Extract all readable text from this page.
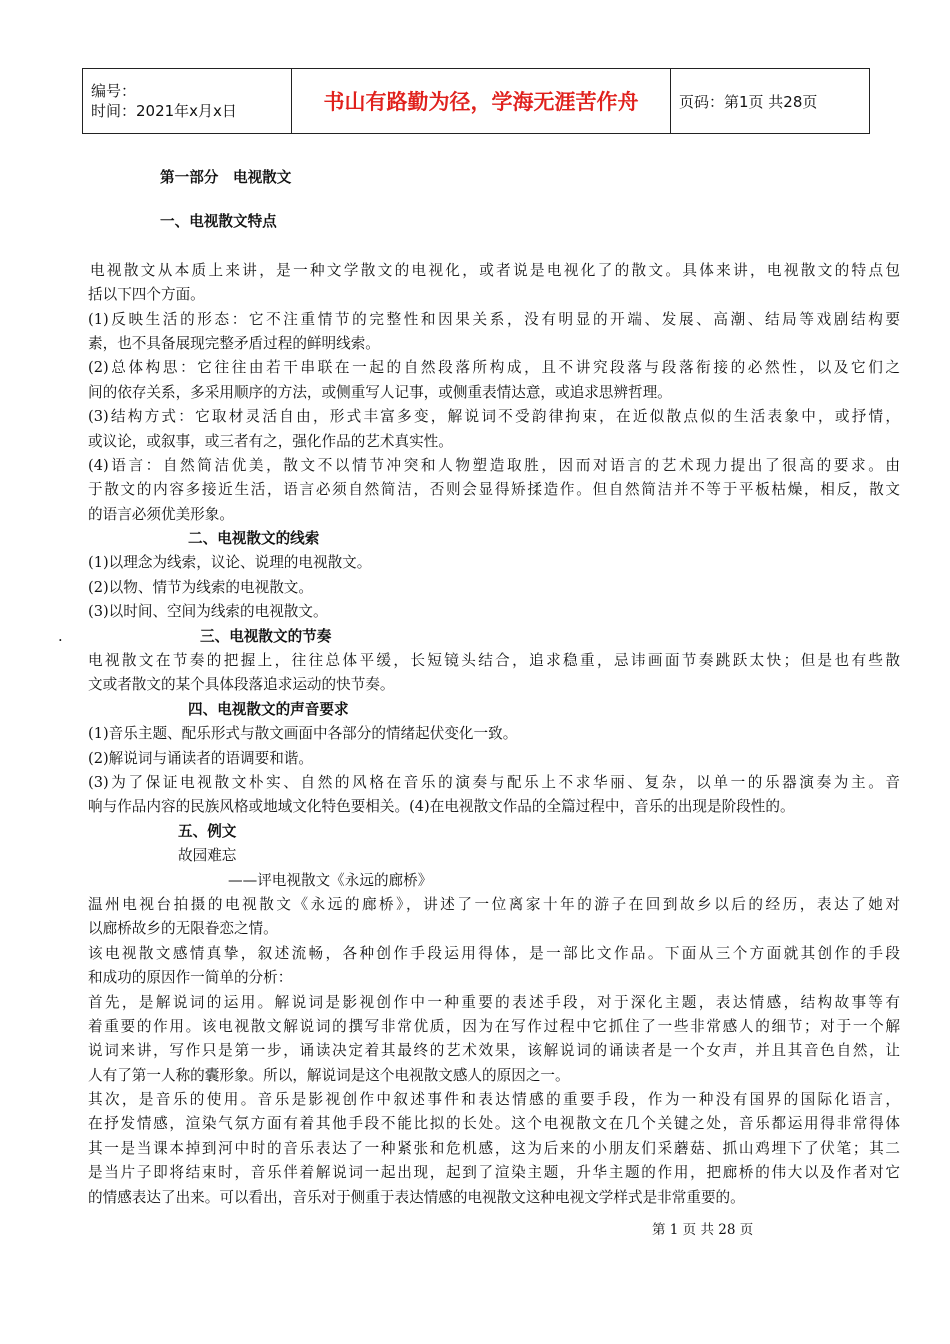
编号：
时间：2021年x月x日	书山有路勤为径，学海无涯苦作舟	页码：第1页 共28页
第一部分　电视散文
一、电视散文特点
电视散文从本质上来讲，是一种文学散文的电视化，或者说是电视化了的散文。具体来讲，电视散文的特点包
括以下四个方面。
(1)反映生活的形态：它不注重情节的完整性和因果关系，没有明显的开端、发展、高潮、结局等戏剧结构要
素，也不具备展现完整矛盾过程的鲜明线索。
(2)总体构思：它往往由若干串联在一起的自然段落所构成，且不讲究段落与段落衔接的必然性，以及它们之
间的依存关系，多采用顺序的方法，或侧重写人记事，或侧重表情达意，或追求思辨哲理。
(3)结构方式：它取材灵活自由，形式丰富多变，解说词不受韵律拘束，在近似散点似的生活表象中，或抒情，
或议论，或叙事，或三者有之，强化作品的艺术真实性。
(4)语言：自然简洁优美，散文不以情节冲突和人物塑造取胜，因而对语言的艺术现力提出了很高的要求。由
于散文的内容多接近生活，语言必须自然简洁，否则会显得矫揉造作。但自然简洁并不等于平板枯燥，相反，散文
的语言必须优美形象。
二、电视散文的线索
(1)以理念为线索，议论、说理的电视散文。
(2)以物、情节为线索的电视散文。
(3)以时间、空间为线索的电视散文。
.	三、电视散文的节奏
电视散文在节奏的把握上，往往总体平缓，长短镜头结合，追求稳重，忌讳画面节奏跳跃太快；但是也有些散
文或者散文的某个具体段落追求运动的快节奏。
四、电视散文的声音要求
(1)音乐主题、配乐形式与散文画面中各部分的情绪起伏变化一致。
(2)解说词与诵读者的语调要和谐。
(3)为了保证电视散文朴实、自然的风格在音乐的演奏与配乐上不求华丽、复杂，以单一的乐器演奏为主。音
响与作品内容的民族风格或地域文化特色要相关。(4)在电视散文作品的全篇过程中，音乐的出现是阶段性的。
五、例文
故园难忘
——评电视散文《永远的廊桥》
温州电视台拍摄的电视散文《永远的廊桥》，讲述了一位离家十年的游子在回到故乡以后的经历，表达了她对
以廊桥故乡的无限眷恋之情。
该电视散文感情真挚，叙述流畅，各种创作手段运用得体，是一部比文作品。下面从三个方面就其创作的手段
和成功的原因作一简单的分析：
首先，是解说词的运用。解说词是影视创作中一种重要的表述手段，对于深化主题，表达情感，结构故事等有
着重要的作用。该电视散文解说词的撰写非常优质，因为在写作过程中它抓住了一些非常感人的细节；对于一个解
说词来讲，写作只是第一步，诵读决定着其最终的艺术效果，该解说词的诵读者是一个女声，并且其音色自然，让
人有了第一人称的囊形象。所以，解说词是这个电视散文感人的原因之一。
其次，是音乐的使用。音乐是影视创作中叙述事件和表达情感的重要手段，作为一种没有国界的国际化语言，
在抒发情感，渲染气氛方面有着其他手段不能比拟的长处。这个电视散文在几个关键之处，音乐都运用得非常得体
其一是当课本掉到河中时的音乐表达了一种紧张和危机感，这为后来的小朋友们采蘑菇、抓山鸡埋下了伏笔；其二
是当片子即将结束时，音乐伴着解说词一起出现，起到了渲染主题，升华主题的作用，把廊桥的伟大以及作者对它
的情感表达了出来。可以看出，音乐对于侧重于表达情感的电视散文这种电视文学样式是非常重要的。
第 1 页 共 28 页
